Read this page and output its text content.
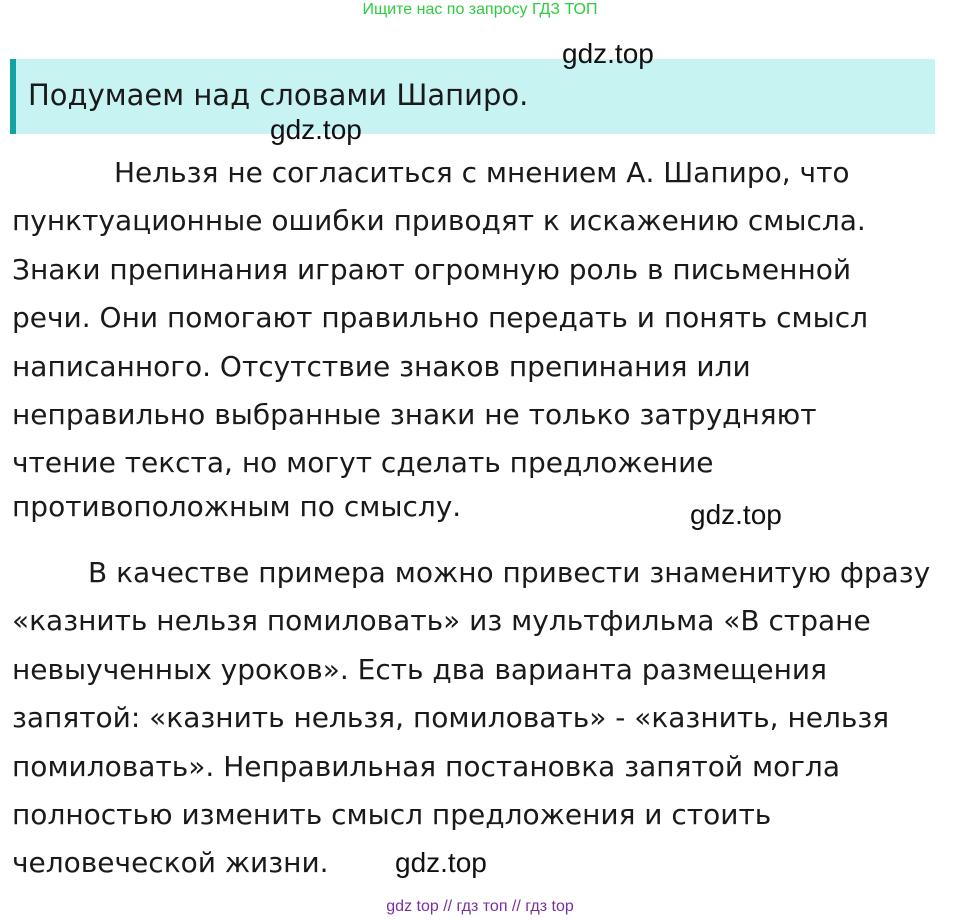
Ищите нас по запросу ГДЗ ТОП
Подумаем над словами Шапиро.
gdz.top
gdz.top
gdz.top
gdz.top
Нельзя не согласиться с мнением А. Шапиро, что
пунктуационные ошибки приводят к искажению смысла.
Знаки препинания играют огромную роль в письменной
речи. Они помогают правильно передать и понять смысл
написанного. Отсутствие знаков препинания или
неправильно выбранные знаки не только затрудняют
чтение текста, но могут сделать предложение
противоположным по смыслу.
В качестве примера можно привести знаменитую фразу
«казнить нельзя помиловать» из мультфильма «В стране
невыученных уроков». Есть два варианта размещения
запятой: «казнить нельзя, помиловать» - «казнить, нельзя
помиловать». Неправильная постановка запятой могла
полностью изменить смысл предложения и стоить
человеческой жизни.
gdz top // гдз топ // гдз top
